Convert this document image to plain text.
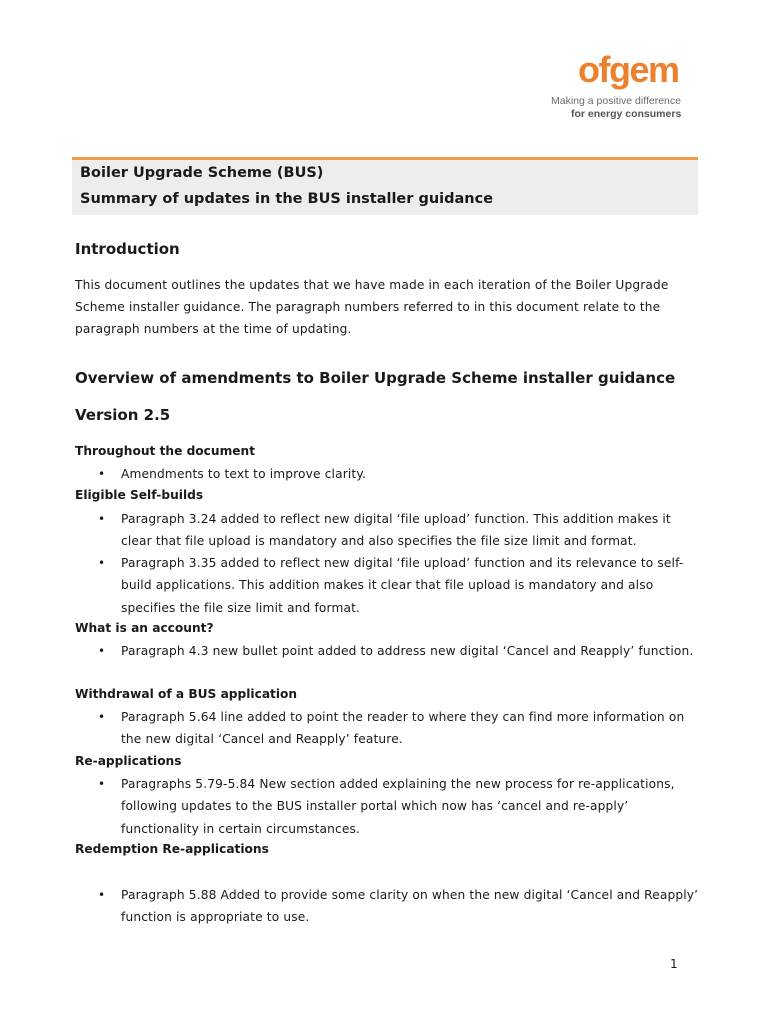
ofgem
Making a positive difference
for energy consumers
Boiler Upgrade Scheme (BUS)
Summary of updates in the BUS installer guidance
Introduction
This document outlines the updates that we have made in each iteration of the Boiler Upgrade Scheme installer guidance. The paragraph numbers referred to in this document relate to the paragraph numbers at the time of updating.
Overview of amendments to Boiler Upgrade Scheme installer guidance
Version 2.5
Throughout the document
• Amendments to text to improve clarity.
Eligible Self-builds
• Paragraph 3.24 added to reflect new digital ‘file upload’ function. This addition makes it clear that file upload is mandatory and also specifies the file size limit and format.
• Paragraph 3.35 added to reflect new digital ‘file upload’ function and its relevance to self-build applications. This addition makes it clear that file upload is mandatory and also specifies the file size limit and format.
What is an account?
• Paragraph 4.3 new bullet point added to address new digital ‘Cancel and Reapply’ function.
Withdrawal of a BUS application
• Paragraph 5.64 line added to point the reader to where they can find more information on the new digital ‘Cancel and Reapply’ feature.
Re-applications
• Paragraphs 5.79-5.84 New section added explaining the new process for re-applications, following updates to the BUS installer portal which now has ‘cancel and re-apply’ functionality in certain circumstances.
Redemption Re-applications
• Paragraph 5.88 Added to provide some clarity on when the new digital ‘Cancel and Reapply’ function is appropriate to use.
1
